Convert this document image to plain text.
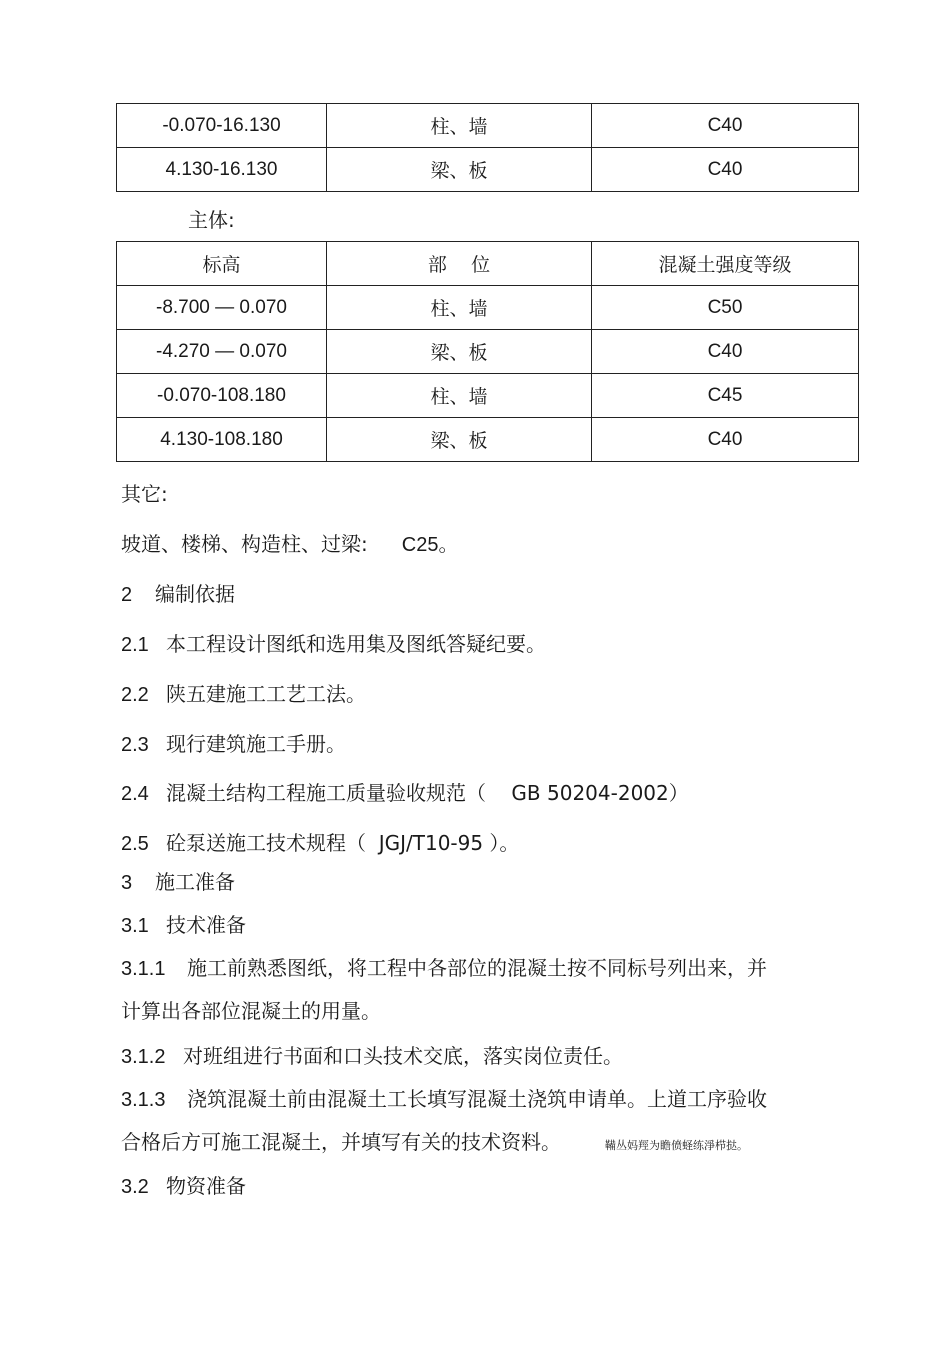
-0.070-16.130	柱、墙	C40
4.130-16.130	梁、板	C40
主体:
标高	部    位	混凝土强度等级
-8.700 — 0.070	柱、墙	C50
-4.270 — 0.070	梁、板	C40
-0.070-108.180	柱、墙	C45
4.130-108.180	梁、板	C40
其它:
坡道、楼梯、构造柱、过梁: C25。
2 编制依据
2.1 本工程设计图纸和选用集及图纸答疑纪要。
2.2 陕五建施工工艺工法。
2.3 现行建筑施工手册。
2.4 混凝土结构工程施工质量验收规范（    GB 50204-2002）
2.5 砼泵送施工技术规程（  JGJ/T10-95 ）。
3 施工准备
3.1 技术准备
3.1.1 施工前熟悉图纸，将工程中各部位的混凝土按不同标号列出来，并
计算出各部位混凝土的用量。
3.1.2 对班组进行书面和口头技术交底，落实岗位责任。
3.1.3 浇筑混凝土前由混凝土工长填写混凝土浇筑申请单。上道工序验收
合格后方可施工混凝土，并填写有关的技术资料。	鞴丛妈羥为瞻偾蛏练淨栉挞。
3.2 物资准备
